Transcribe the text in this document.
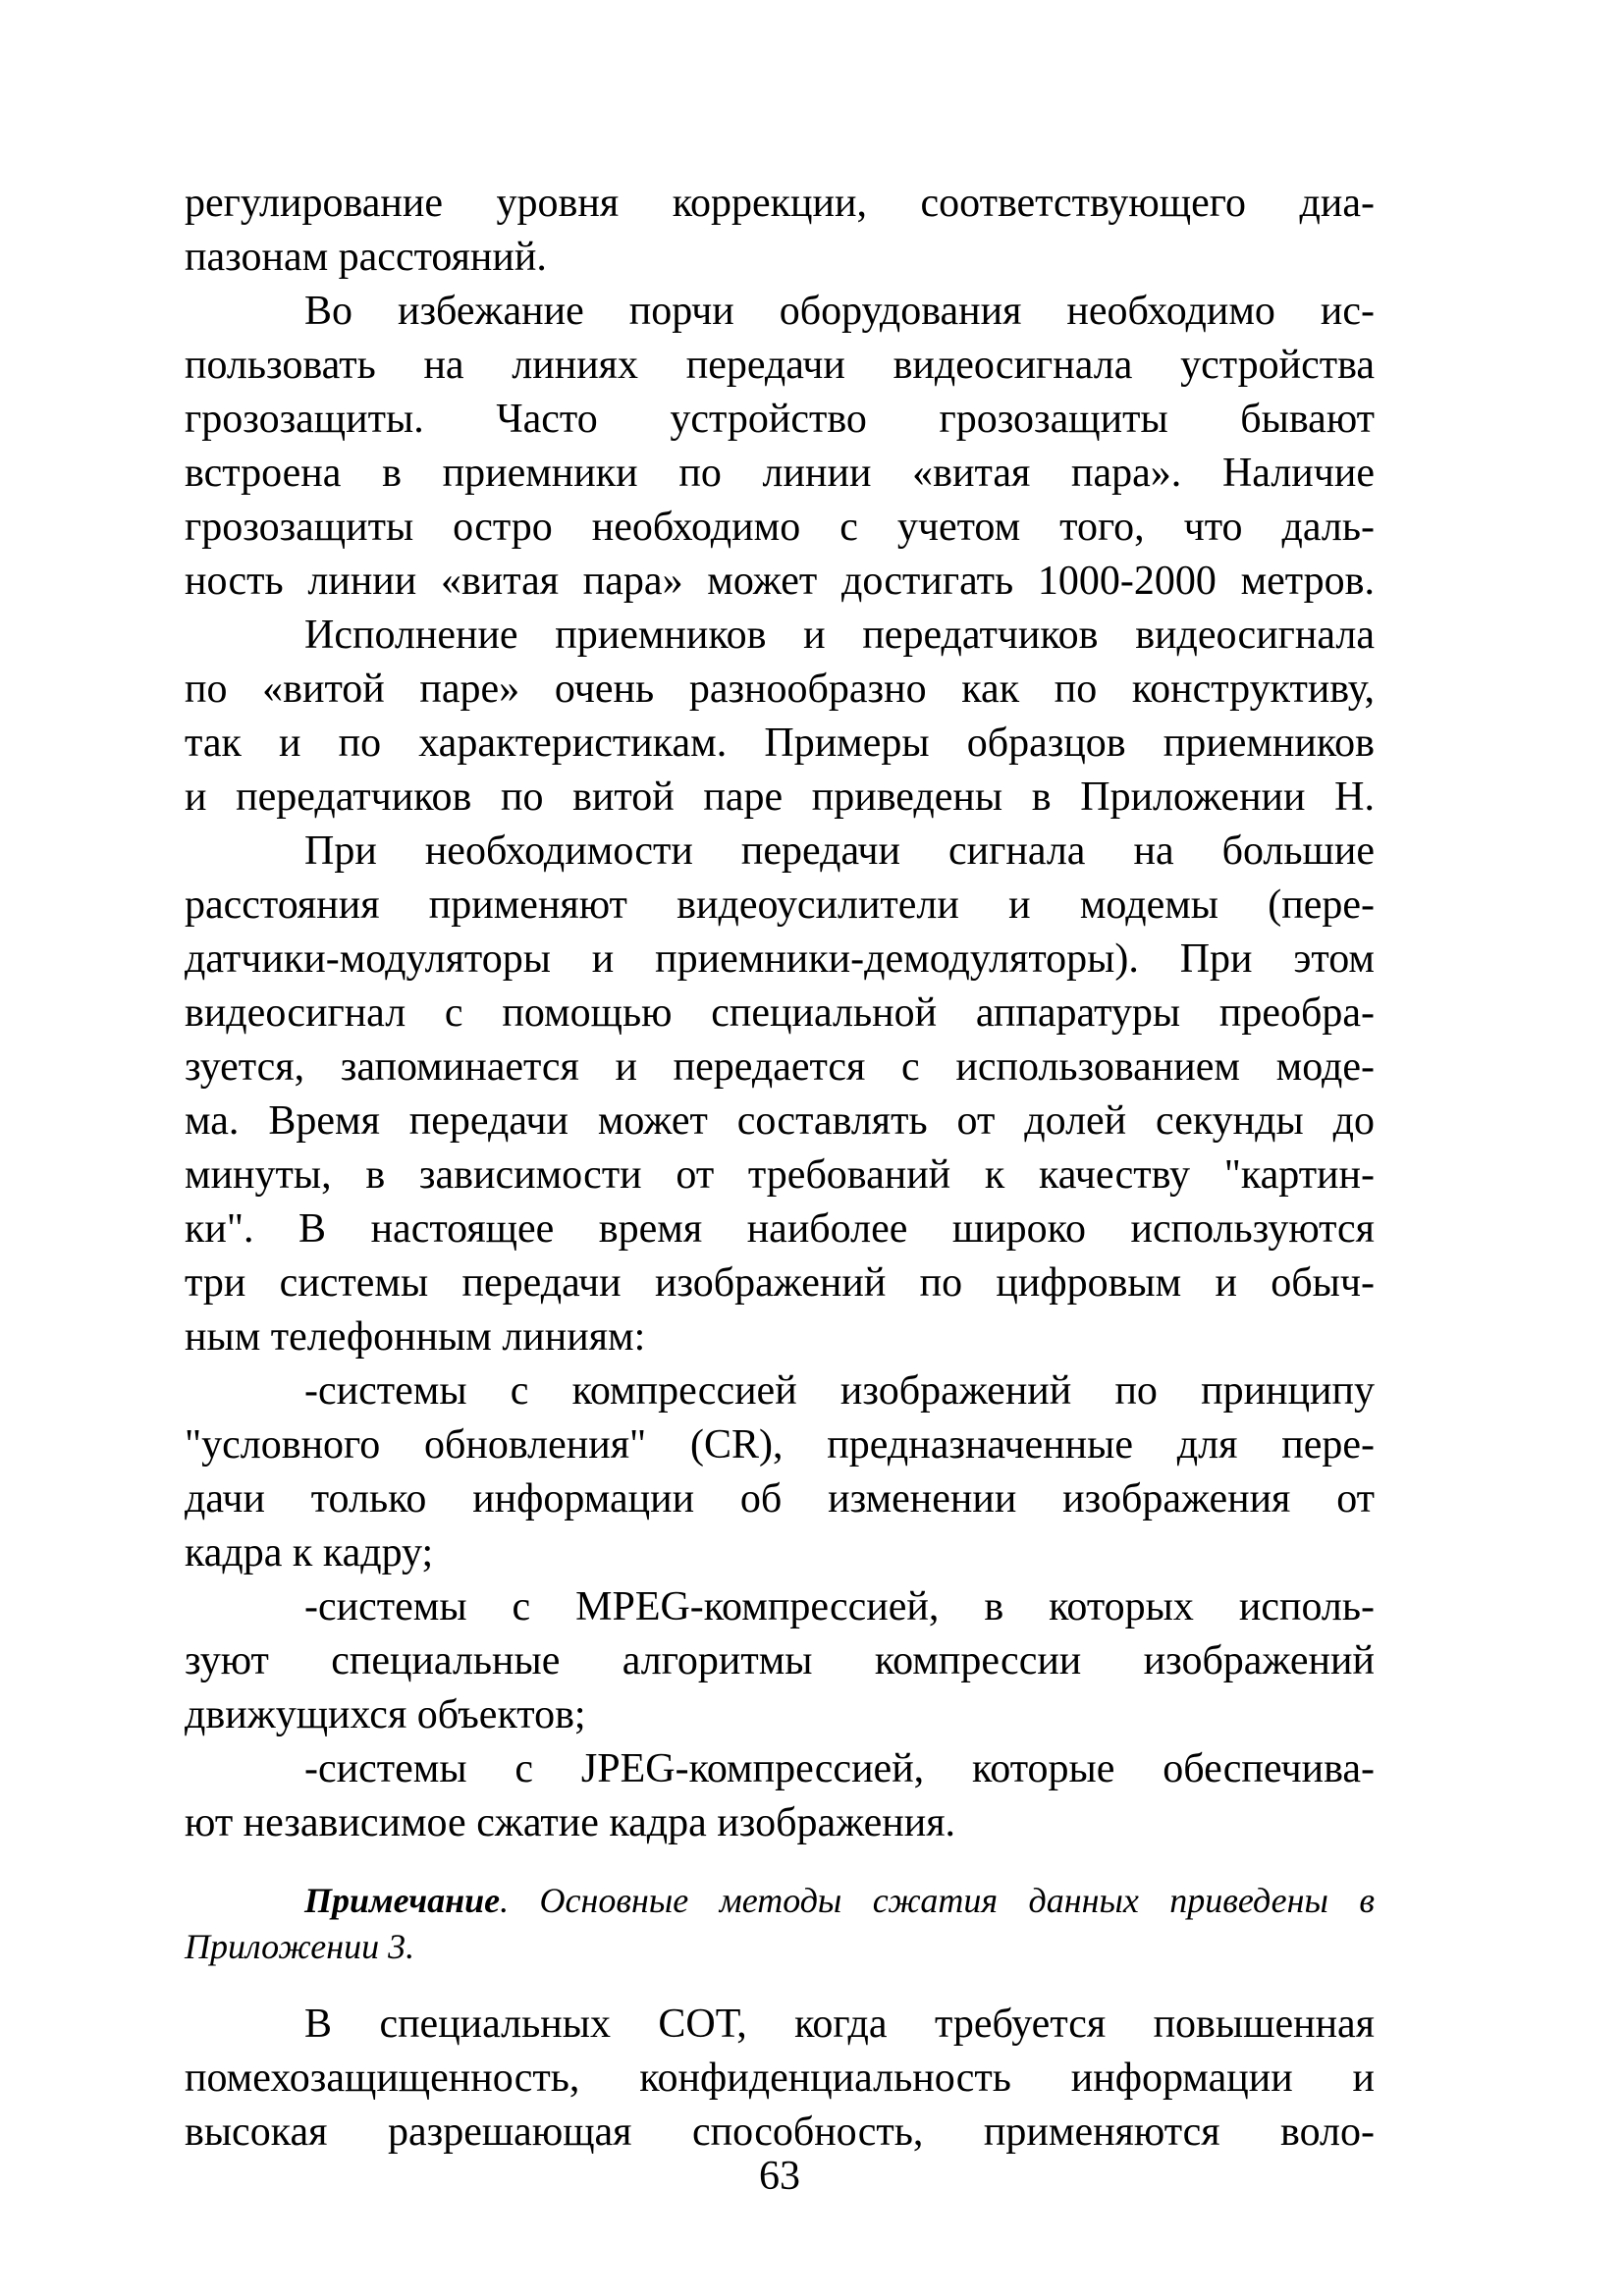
регулирование уровня коррекции, соответствующего диа-
пазонам расстояний.
Во избежание порчи оборудования необходимо ис-
пользовать на линиях передачи видеосигнала устройства
грозозащиты. Часто устройство грозозащиты бывают
встроена в приемники по линии «витая пара». Наличие
грозозащиты остро необходимо с учетом того, что даль-
ность линии «витая пара» может достигать 1000-2000 метров.
Исполнение приемников и передатчиков видеосигнала
по «витой паре» очень разнообразно как по конструктиву,
так и по характеристикам. Примеры образцов приемников
и передатчиков по витой паре приведены в Приложении Н.
При необходимости передачи сигнала на большие
расстояния применяют видеоусилители и модемы (пере-
датчики-модуляторы и приемники-демодуляторы). При этом
видеосигнал с помощью специальной аппаратуры преобра-
зуется, запоминается и передается с использованием моде-
ма. Время передачи может составлять от долей секунды до
минуты, в зависимости от требований к качеству "картин-
ки". В настоящее время наиболее широко используются
три системы передачи изображений по цифровым и обыч-
ным телефонным линиям:
-системы с компрессией изображений по принципу
"условного обновления" (CR), предназначенные для пере-
дачи только информации об изменении изображения от
кадра к кадру;
-системы с MPEG-компрессией, в которых исполь-
зуют специальные алгоритмы компрессии изображений
движущихся объектов;
-системы с JPEG-компрессией, которые обеспечива-
ют независимое сжатие кадра изображения.
Примечание. Основные методы сжатия данных приведены в
Приложении 3.
В специальных СОТ, когда требуется повышенная
помехозащищенность, конфиденциальность информации и
высокая разрешающая способность, применяются воло-
63
